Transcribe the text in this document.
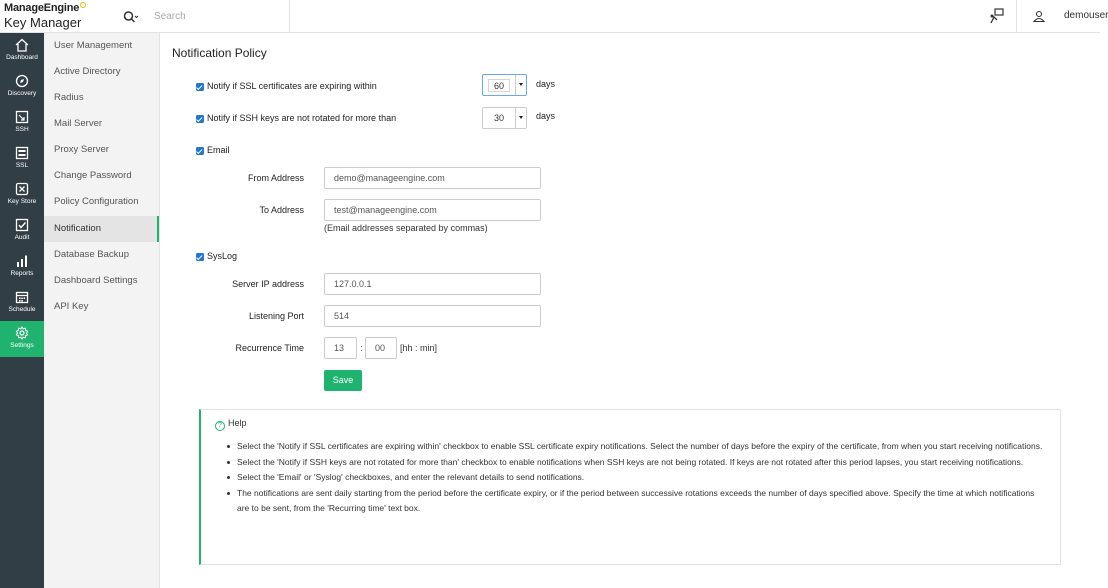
ManageEngine
Key Manager
Search	demouser
Dashboard
Discovery
SSH
SSL
Key Store
Audit
Reports
Schedule
Settings
User Management
Active Directory
Radius
Mail Server
Proxy Server
Change Password
Policy Configuration
Notification
Database Backup
Dashboard Settings
API Key
Notification Policy
Notify if SSL certificates are expiring within	60	days
Notify if SSH keys are not rotated for more than	30	days
Email
From Address	demo@manageengine.com
To Address	test@manageengine.com
(Email addresses separated by commas)
SysLog
Server IP address	127.0.0.1
Listening Port	514
Recurrence Time	13	:	00	[hh : min]
Save
? Help
Select the 'Notify if SSL certificates are expiring within' checkbox to enable SSL certificate expiry notifications. Select the number of days before the expiry of the certificate, from when you start receiving notifications.
Select the 'Notify if SSH keys are not rotated for more than' checkbox to enable notifications when SSH keys are not being rotated. If keys are not rotated after this period lapses, you start receiving notifications.
Select the 'Email' or 'Syslog' checkboxes, and enter the relevant details to send notifications.
The notifications are sent daily starting from the period before the certificate expiry, or if the period between successive rotations exceeds the number of days specified above. Specify the time at which notifications are to be sent, from the 'Recurring time' text box.
